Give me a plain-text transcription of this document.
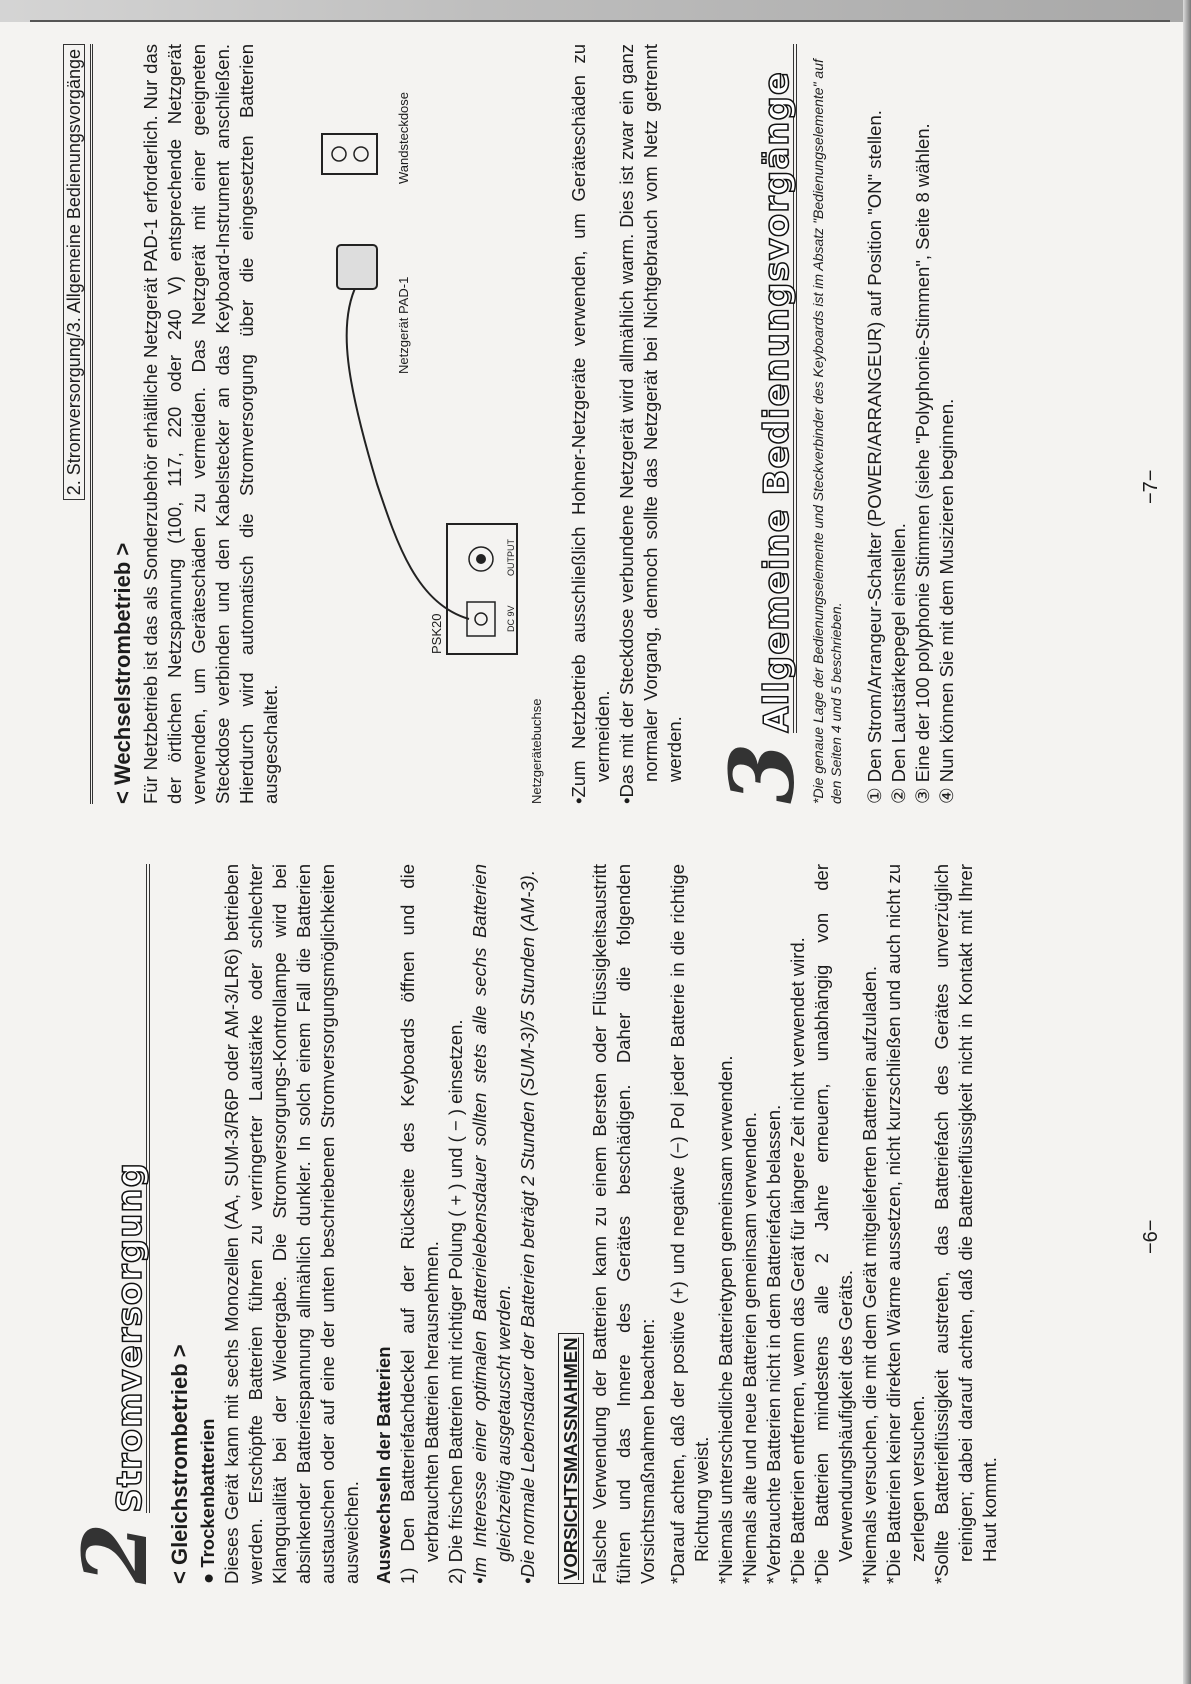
2
Stromversorgung < Gleichstrombetrieb > ● Trockenbatterien Dieses Gerät kann mit sechs Monozellen (AA, SUM-3/R6P oder AM-3/LR6) betrieben werden. Erschöpfte Batterien führen zu verringerter Lautstärke oder schlechter Klangqualität bei der Wiedergabe. Die Stromversorgungs-Kontrollampe wird bei absinkender Batteriespannung allmählich dunkler. In solch einem Fall die Batterien austauschen oder auf eine der unten beschriebenen Stromversorgungsmöglichkeiten ausweichen. Auswechseln der Batterien 1) Den Batteriefachdeckel auf der Rückseite des Keyboards öffnen und die verbrauchten Batterien herausnehmen. 2) Die frischen Batterien mit richtiger Polung ( + ) und ( − ) einsetzen. •Im Interesse einer optimalen Batterielebensdauer sollten stets alle sechs Batterien gleichzeitig ausgetauscht werden. •Die normale Lebensdauer der Batterien beträgt 2 Stunden (SUM-3)/5 Stunden (AM-3). VORSICHTSMASSNAHMEN Falsche Verwendung der Batterien kann zu einem Bersten oder Flüssigkeitsaustritt führen und das Innere des Gerätes beschädigen. Daher die folgenden Vorsichtsmaßnahmen beachten: *Darauf achten, daß der positive (+) und negative (−) Pol jeder Batterie in die richtige Richtung weist. *Niemals unterschiedliche Batterietypen gemeinsam verwenden. *Niemals alte und neue Batterien gemeinsam verwenden. *Verbrauchte Batterien nicht in dem Batteriefach belassen. *Die Batterien entfernen, wenn das Gerät für längere Zeit nicht verwendet wird. *Die Batterien mindestens alle 2 Jahre erneuern, unabhängig von der Verwendungshäufigkeit des Geräts. *Niemals versuchen, die mit dem Gerät mitgelieferten Batterien aufzuladen. *Die Batterien keiner direkten Wärme aussetzen, nicht kurzschließen und auch nicht zu zerlegen versuchen. *Sollte Batterieflüssigkeit austreten, das Batteriefach des Gerätes unverzüglich reinigen; dabei darauf achten, daß die Batterieflüssigkeit nicht in Kontakt mit Ihrer Haut kommt.

−6−
2. Stromversorgung/3. Allgemeine Bedienungsvorgänge
< Wechselstrombetrieb > Für Netzbetrieb ist das als Sonderzubehör erhältliche Netzgerät PAD-1 erforderlich. Nur das der örtlichen Netzspannung (100, 117, 220 oder 240 V) entsprechende Netzgerät verwenden, um Geräteschäden zu vermeiden. Das Netzgerät mit einer geeigneten Steckdose verbinden und den Kabelstecker an das Keyboard-Instrument anschließen. Hierdurch wird automatisch die Stromversorgung über die eingesetzten Batterien ausgeschaltet.

Netzgerät PAD-1
Wandsteckdose
PSK20
Netzgerätebuchse
OUTPUT
DC 9V	•Zum Netzbetrieb ausschließlich Hohner-Netzgeräte verwenden, um Geräteschäden zu vermeiden. •Das mit der Steckdose verbundene Netzgerät wird allmählich warm. Dies ist zwar ein ganz normaler Vorgang, dennoch sollte das Netzgerät bei Nichtgebrauch vom Netz getrennt werden. 3
Allgemeine Bedienungsvorgänge *Die genaue Lage der Bedienungselemente und Steckverbinder des Keyboards ist im Absatz "Bedienungselemente" auf den Seiten 4 und 5 beschrieben. ① Den Strom/Arrangeur-Schalter (POWER/ARRANGEUR) auf Position "ON" stellen. ② Den Lautstärkepegel einstellen. ③ Eine der 100 polyphonie Stimmen (siehe "Polyphonie-Stimmen", Seite 8 wählen. ④ Nun können Sie mit dem Musizieren beginnen.	−7−
